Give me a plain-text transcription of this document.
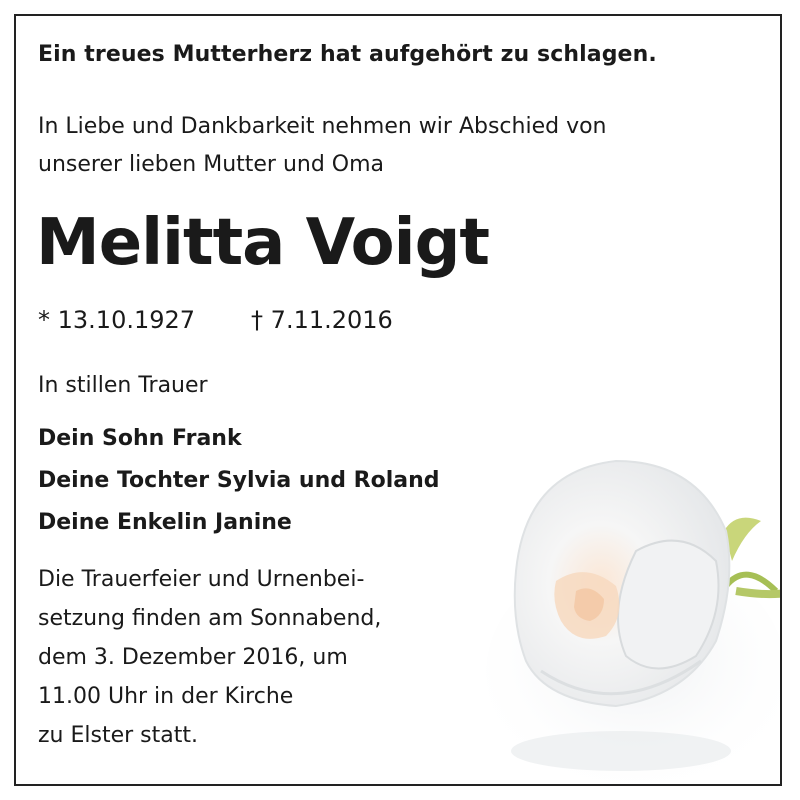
Ein treues Mutterherz hat aufgehört zu schlagen.
In Liebe und Dankbarkeit nehmen wir Abschied von
unserer lieben Mutter und Oma
Melitta Voigt
* 13.10.1927 † 7.11.2016
In stillen Trauer
Dein Sohn Frank
Deine Tochter Sylvia und Roland
Deine Enkelin Janine
Die Trauerfeier und Urnenbei-
setzung finden am Sonnabend,
dem 3. Dezember 2016, um
11.00 Uhr in der Kirche
zu Elster statt.
